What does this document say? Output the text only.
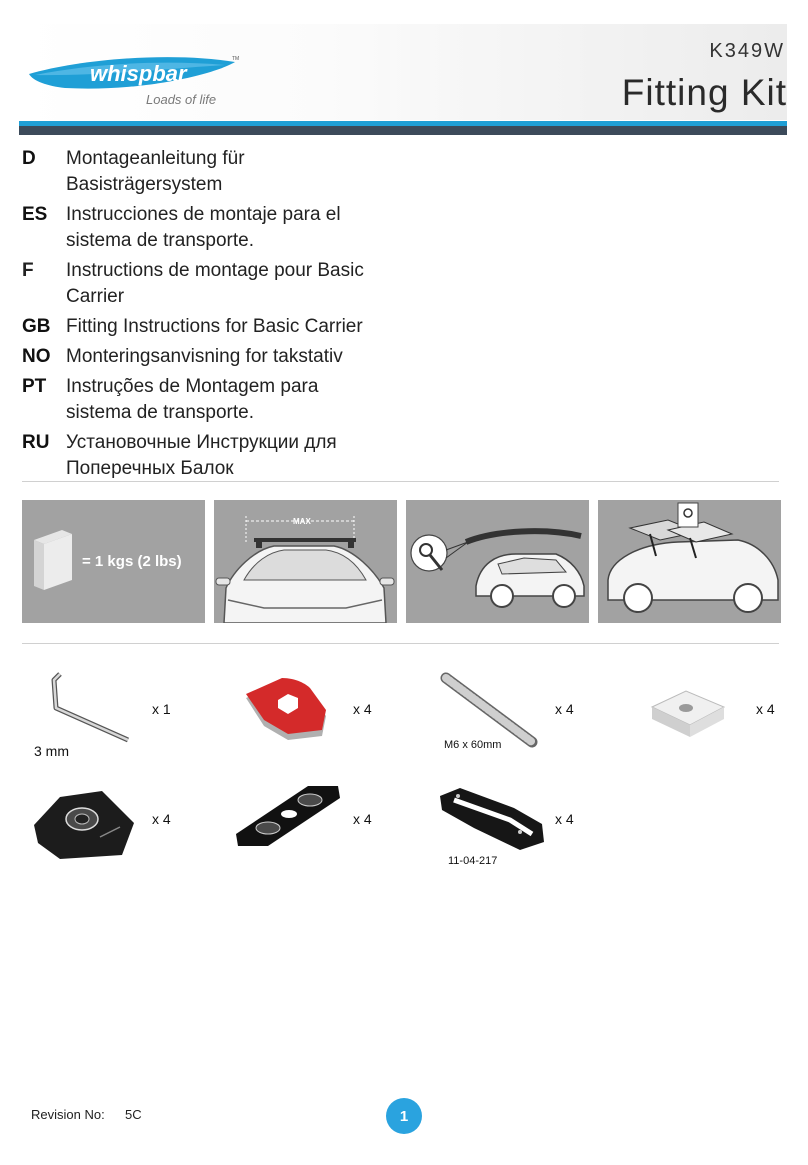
whispbar
TM
Loads of life
K349W
Fitting Kit
D	Montageanleitung für Basisträgersystem
ES Instrucciones de montaje para el sistema de transporte.
F	Instructions de montage pour Basic Carrier
GB Fitting Instructions for Basic Carrier
NO Monteringsanvisning for takstativ
PT	Instruções de Montagem para sistema de transporte.
RU Установочные Инструкции для Поперечных Балок
= 1 kgs (2 lbs)
MAX
x 1
3 mm
x 4	x 4
M6 x 60mm
x 4
x 4	x 4	x 4
11-04-217
Revision No: 5C	1
